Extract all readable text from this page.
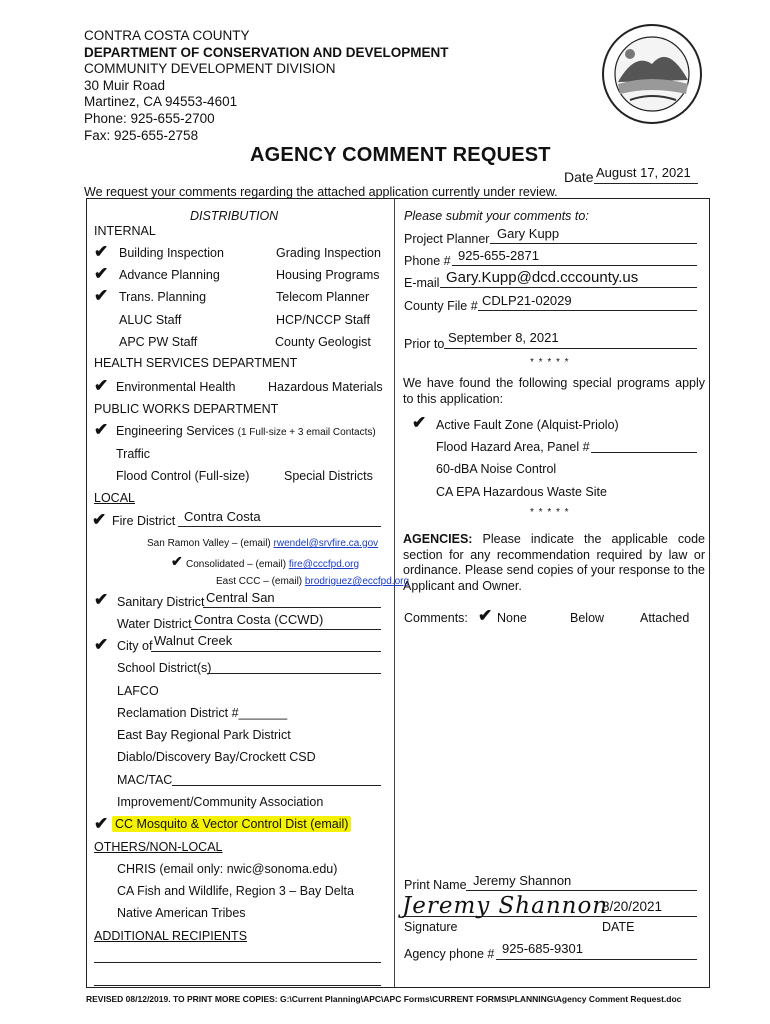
CONTRA COSTA COUNTY
DEPARTMENT OF CONSERVATION AND DEVELOPMENT
COMMUNITY DEVELOPMENT DIVISION
30 Muir Road
Martinez, CA 94553-4601
Phone: 925-655-2700
Fax: 925-655-2758
AGENCY COMMENT REQUEST
Date August 17, 2021
We request your comments regarding the attached application currently under review.
DISTRIBUTION
INTERNAL
✔ Building Inspection	Grading Inspection
✔ Advance Planning	Housing Programs
✔ Trans. Planning	Telecom Planner
ALUC Staff	HCP/NCCP Staff
APC PW Staff	County Geologist
HEALTH SERVICES DEPARTMENT
✔ Environmental Health	Hazardous Materials
PUBLIC WORKS DEPARTMENT
✔ Engineering Services (1 Full-size + 3 email Contacts)
Traffic
Flood Control (Full-size)	Special Districts
LOCAL
✔ Fire District Contra Costa
San Ramon Valley – (email) rwendel@srvfire.ca.gov
✔ Consolidated – (email) fire@cccfpd.org
East CCC – (email) brodriguez@eccfpd.org
✔ Sanitary District Central San
Water District Contra Costa (CCWD)
✔ City of Walnut Creek
School District(s)
LAFCO
Reclamation District #_______
East Bay Regional Park District
Diablo/Discovery Bay/Crockett CSD
MAC/TAC
Improvement/Community Association
✔ CC Mosquito & Vector Control Dist (email)
OTHERS/NON-LOCAL
CHRIS (email only: nwic@sonoma.edu)
CA Fish and Wildlife, Region 3 – Bay Delta
Native American Tribes
ADDITIONAL RECIPIENTS
Please submit your comments to:
Project Planner Gary Kupp
Phone # 925-655-2871
E-mail Gary.Kupp@dcd.cccounty.us
County File # CDLP21-02029
Prior to September 8, 2021
* * * * *
We have found the following special programs apply to this application:
✔ Active Fault Zone (Alquist-Priolo)
Flood Hazard Area, Panel #
60-dBA Noise Control
CA EPA Hazardous Waste Site
* * * * *
AGENCIES: Please indicate the applicable code section for any recommendation required by law or ordinance. Please send copies of your response to the Applicant and Owner.
Comments: ✔ None	Below	Attached
Print Name Jeremy Shannon
Jeremy Shannon
8/20/2021
Signature	DATE
Agency phone # 925-685-9301
REVISED 08/12/2019. TO PRINT MORE COPIES: G:\Current Planning\APC\APC Forms\CURRENT FORMS\PLANNING\Agency Comment Request.doc
